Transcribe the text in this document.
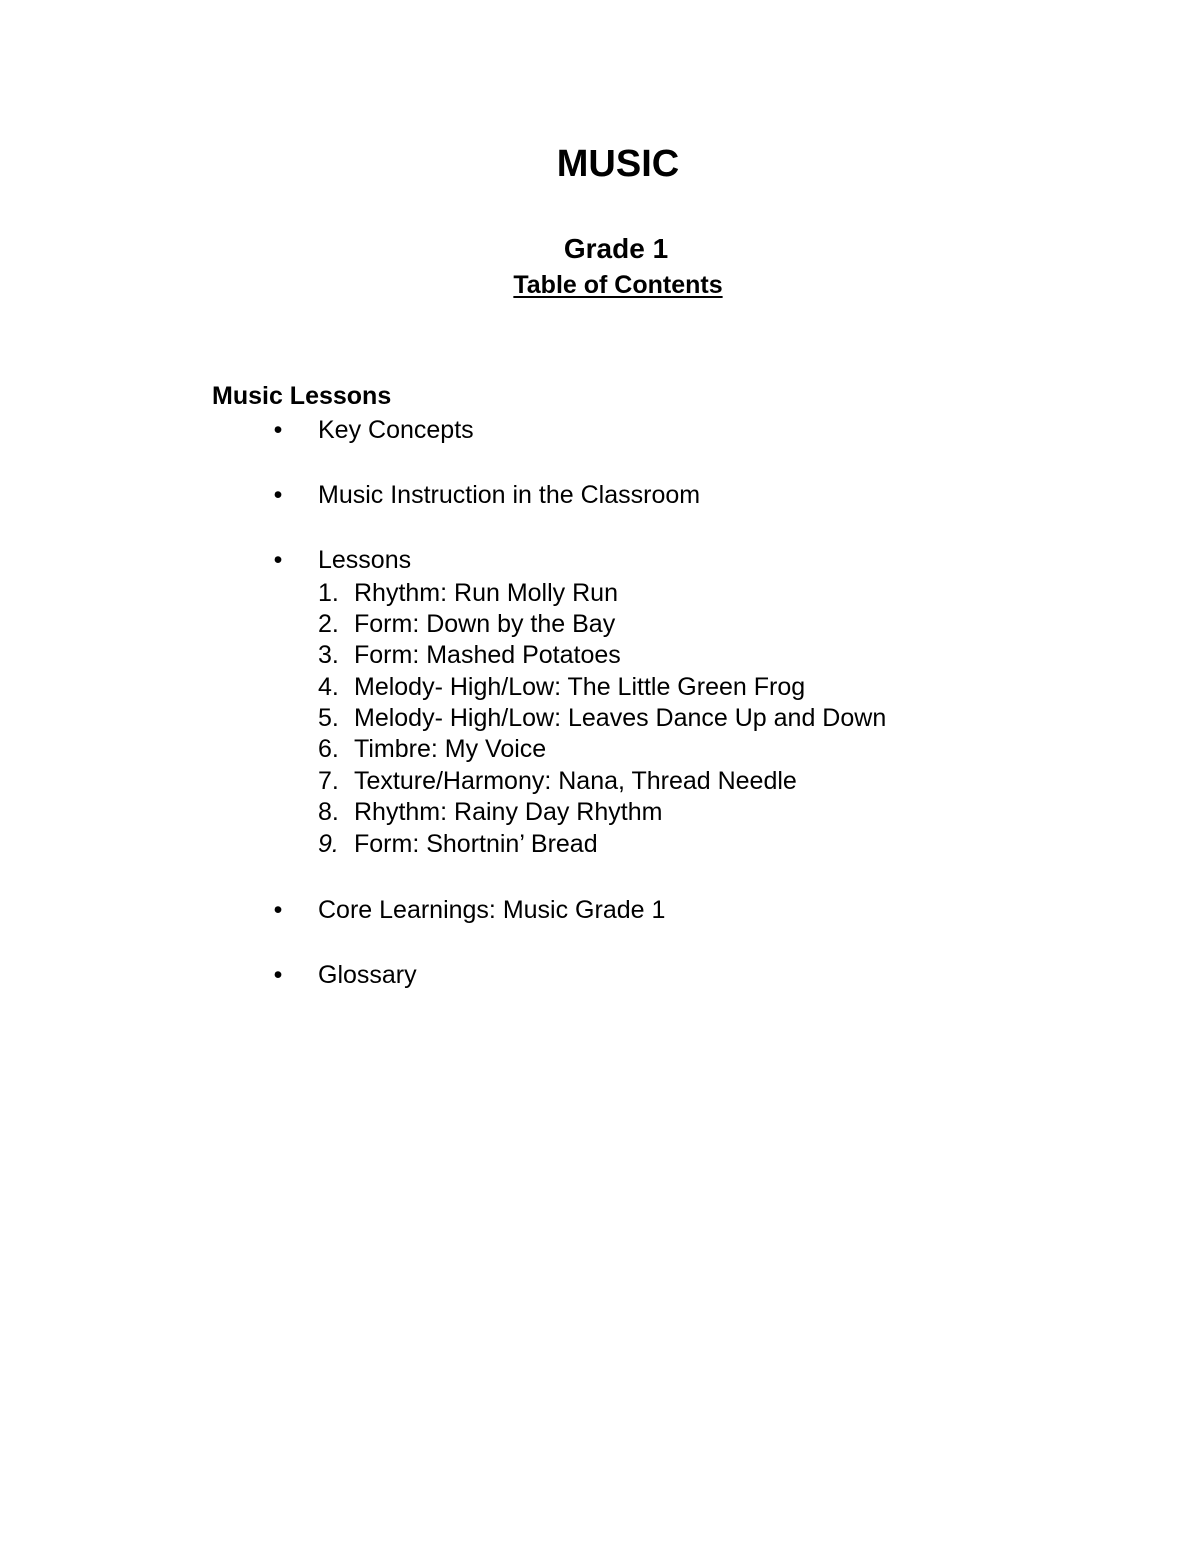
MUSIC
Grade 1
Table of Contents
Music Lessons
• Key Concepts
• Music Instruction in the Classroom
• Lessons
1. Rhythm: Run Molly Run
2. Form: Down by the Bay
3. Form: Mashed Potatoes
4. Melody- High/Low: The Little Green Frog
5. Melody- High/Low: Leaves Dance Up and Down
6. Timbre: My Voice
7. Texture/Harmony: Nana, Thread Needle
8. Rhythm: Rainy Day Rhythm
9. Form: Shortnin’ Bread
• Core Learnings: Music Grade 1
• Glossary
